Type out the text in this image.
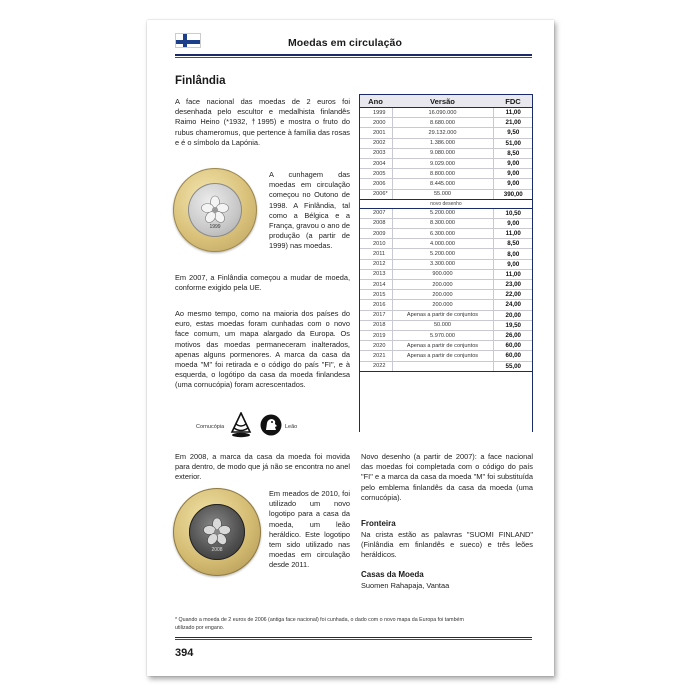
Moedas em circulação
Finlândia
A face nacional das moedas de 2 euros foi desenhada pelo escultor e medalhista finlandês Raimo Heino (*1932, †1995) e mostra o fruto do rubus chameromus, que pertence à família das rosas e é o símbolo da Lapónia.
1999
A cunhagem das moedas em circulação começou no Outono de 1998. A Finlândia, tal como a Bélgica e a França, gravou o ano de produção (a partir de 1999) nas moedas.
Em 2007, a Finlândia começou a mudar de moeda, conforme exigido pela UE.
Ao mesmo tempo, como na maioria dos países do euro, estas moedas foram cunhadas com o novo face comum, um mapa alargado da Europa. Os motivos das moedas permaneceram inalterados, apenas alguns pormenores. A marca da casa da moeda "M" foi retirada e o código do país "FI", e à esquerda, o logótipo da casa da moeda finlandesa (uma cornucópia) foram acrescentados.
Cornucópia	Leão
Em 2008, a marca da casa da moeda foi movida para dentro, de modo que já não se encontra no anel exterior.
2008
Em meados de 2010, foi utilizado um novo logotipo para a casa da moeda, um leão heráldico. Este logotipo tem sido utilizado nas moedas em circulação desde 2011.
Ano	Versão	FDC
1999	16.090.000	11,00
2000	8.680.000	21,00
2001	29.132.000	9,50
2002	1.386.000	51,00
2003	9.080.000	8,50
2004	9.029.000	9,00
2005	8.800.000	9,00
2006	8.445.000	9,00
2006*	55.000	390,00
novo desenho		
2007	5.200.000	10,50
2008	8.300.000	9,00
2009	6.300.000	11,00
2010	4.000.000	8,50
2011	5.200.000	8,00
2012	3.300.000	9,00
2013	900.000	11,00
2014	200.000	23,00
2015	200.000	22,00
2016	200.000	24,00
2017	Apenas a partir de conjuntos	20,00
2018	50.000	19,50
2019	5.970.000	26,00
2020	Apenas a partir de conjuntos	60,00
2021	Apenas a partir de conjuntos	60,00
2022		55,00
Novo desenho (a partir de 2007): a face nacional das moedas foi completada com o código do país "FI" e a marca da casa da moeda "M" foi substituída pelo emblema finlandês da casa da moeda (uma cornucópia).
Fronteira
Na crista estão as palavras "SUOMI FINLAND" (Finlândia em finlandês e sueco) e três leões heráldicos.
Casas da Moeda
Suomen Rahapaja, Vantaa
* Quando a moeda de 2 euros de 2006 (antiga face nacional) foi cunhada, o dado com o novo mapa da Europa foi também utilizado por engano.
394
